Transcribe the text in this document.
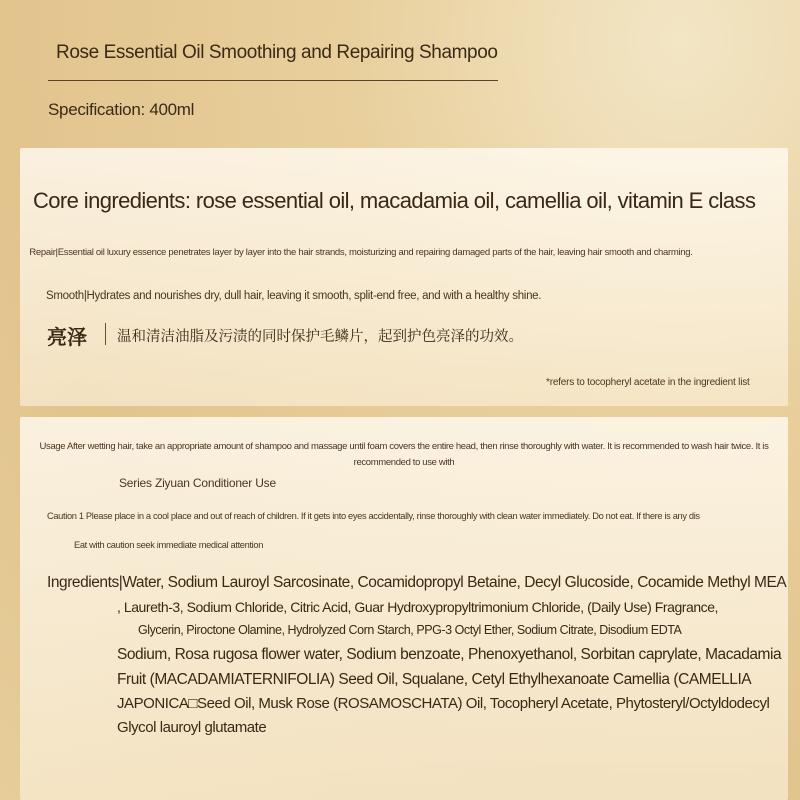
Rose Essential Oil Smoothing and Repairing Shampoo
Specification: 400ml
Core ingredients: rose essential oil, macadamia oil, camellia oil, vitamin E class
Repair|Essential oil luxury essence penetrates layer by layer into the hair strands, moisturizing and repairing damaged parts of the hair, leaving hair smooth and charming.
Smooth|Hydrates and nourishes dry, dull hair, leaving it smooth, split-end free, and with a healthy shine.
亮泽 温和清洁油脂及污渍的同时保护毛鳞片，起到护色亮泽的功效。
*refers to tocopheryl acetate in the ingredient list
Usage After wetting hair, take an appropriate amount of shampoo and massage until foam covers the entire head, then rinse thoroughly with water. It is recommended to wash hair twice. It is recommended to use with
Series Ziyuan Conditioner Use
Caution 1 Please place in a cool place and out of reach of children. If it gets into eyes accidentally, rinse thoroughly with clean water immediately. Do not eat. If there is any dis
Eat with caution seek immediate medical attention
Ingredients|Water, Sodium Lauroyl Sarcosinate, Cocamidopropyl Betaine, Decyl Glucoside, Cocamide Methyl MEA
, Laureth-3, Sodium Chloride, Citric Acid, Guar Hydroxypropyltrimonium Chloride, (Daily Use) Fragrance,
Glycerin, Piroctone Olamine, Hydrolyzed Corn Starch, PPG-3 Octyl Ether, Sodium Citrate, Disodium EDTA
Sodium, Rosa rugosa flower water, Sodium benzoate, Phenoxyethanol, Sorbitan caprylate, Macadamia
Fruit (MACADAMIATERNIFOLIA) Seed Oil, Squalane, Cetyl Ethylhexanoate Camellia (CAMELLIA
JAPONICA□Seed Oil, Musk Rose (ROSAMOSCHATA) Oil, Tocopheryl Acetate, Phytosteryl/Octyldodecyl
Glycol lauroyl glutamate
